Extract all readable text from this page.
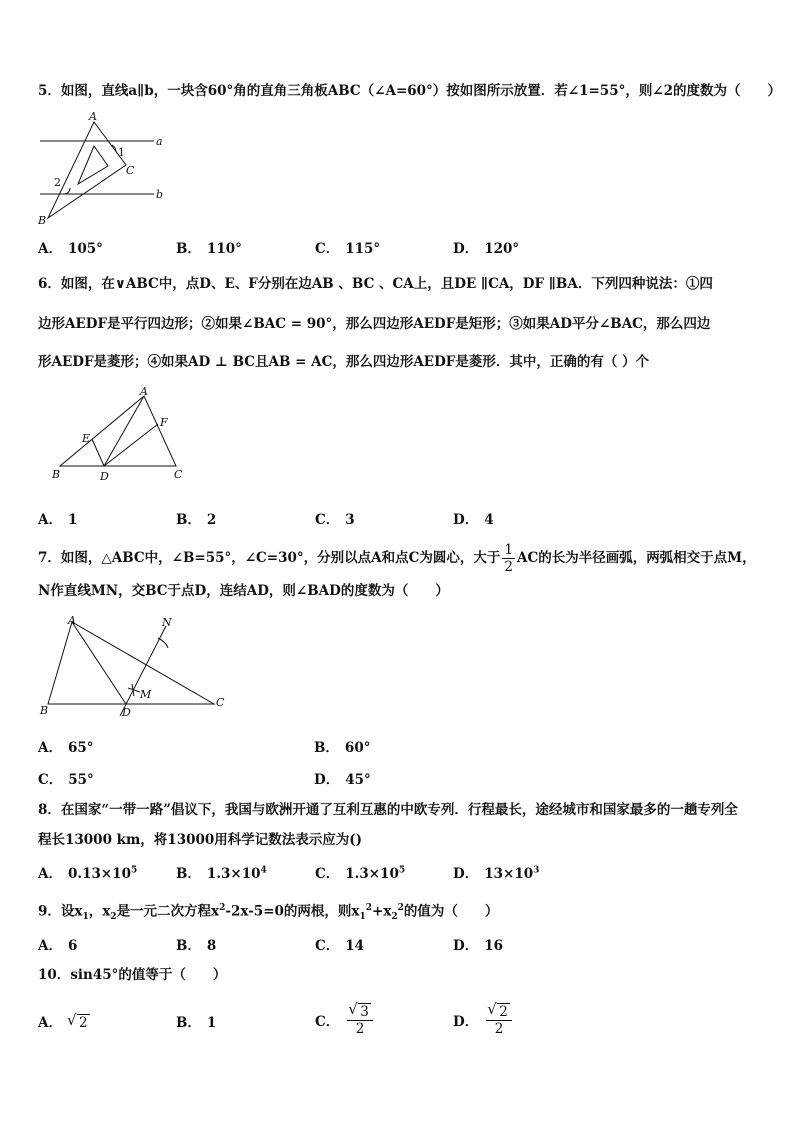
5．如图，直线a∥b，一块含60°角的直角三角板ABC（∠A=60°）按如图所示放置．若∠1=55°，则∠2的度数为（　　）
A
B
C
a
b
1
2
A． 105°	B． 110°	C． 115°	D． 120°
6．如图，在∨ABC中，点D、E、F分别在边AB 、BC 、CA上，且DE ∥CA，DF ∥BA．下列四种说法：①四
边形AEDF是平行四边形；②如果∠BAC = 90°，那么四边形AEDF是矩形；③如果AD平分∠BAC，那么四边
形AEDF是菱形；④如果AD ⊥ BC且AB = AC，那么四边形AEDF是菱形．其中，正确的有（ ）个
A
B	C
D
E
F
A． 1	B． 2	C． 3	D． 4
7．如图，△ABC中，∠B=55°，∠C=30°，分别以点A和点C为圆心，大于 $\frac{1}{2}$ AC的长为半径画弧，两弧相交于点M，
N作直线MN，交BC于点D，连结AD，则∠BAD的度数为（　　）
A
B
C
D
M
N
A． 65°	B． 60°
C． 55°	D． 45°
8．在国家“一带一路”倡议下，我国与欧洲开通了互利互惠的中欧专列．行程最长，途经城市和国家最多的一趟专列全
程长13000 km，将13000用科学记数法表示应为()
A． $0.13\times 10^5$	B． $1.3\times 10^4$	C． $1.3\times 10^5$	D． $13\times 10^3$
9．设$x_1$，$x_2$是一元二次方程$x^2-2x-5=0$的两根，则$x_1^2+x_2^2$的值为（　　）
A． 6	B． 8	C． 14	D． 16
10．sin45°的值等于（　　）
A． √ 2	B． 1	C． √ $\frac{3}{2}$	D． √ $\frac{2}{2}$
